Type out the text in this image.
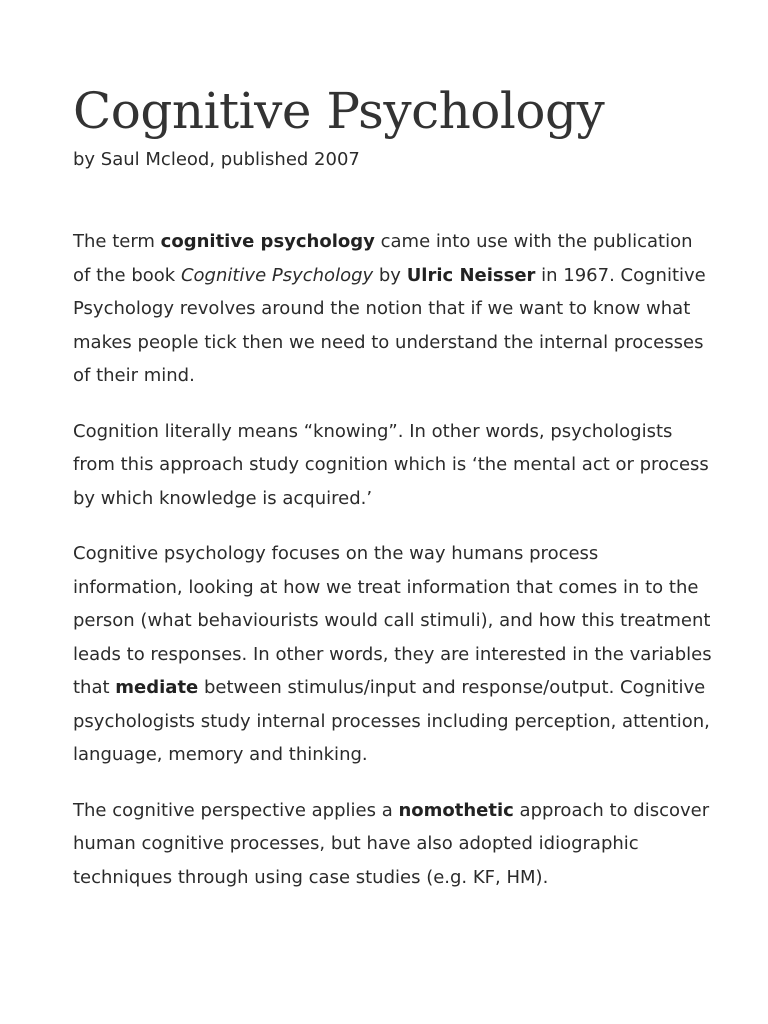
Cognitive Psychology

by Saul Mcleod, published 2007

The term cognitive psychology came into use with the publication of the book Cognitive Psychology by Ulric Neisser in 1967. Cognitive Psychology revolves around the notion that if we want to know what makes people tick then we need to understand the internal processes of their mind.

Cognition literally means “knowing”. In other words, psychologists from this approach study cognition which is ‘the mental act or process by which knowledge is acquired.’

Cognitive psychology focuses on the way humans process information, looking at how we treat information that comes in to the person (what behaviourists would call stimuli), and how this treatment leads to responses. In other words, they are interested in the variables that mediate between stimulus/input and response/output. Cognitive psychologists study internal processes including perception, attention, language, memory and thinking.

The cognitive perspective applies a nomothetic approach to discover human cognitive processes, but have also adopted idiographic techniques through using case studies (e.g. KF, HM).
